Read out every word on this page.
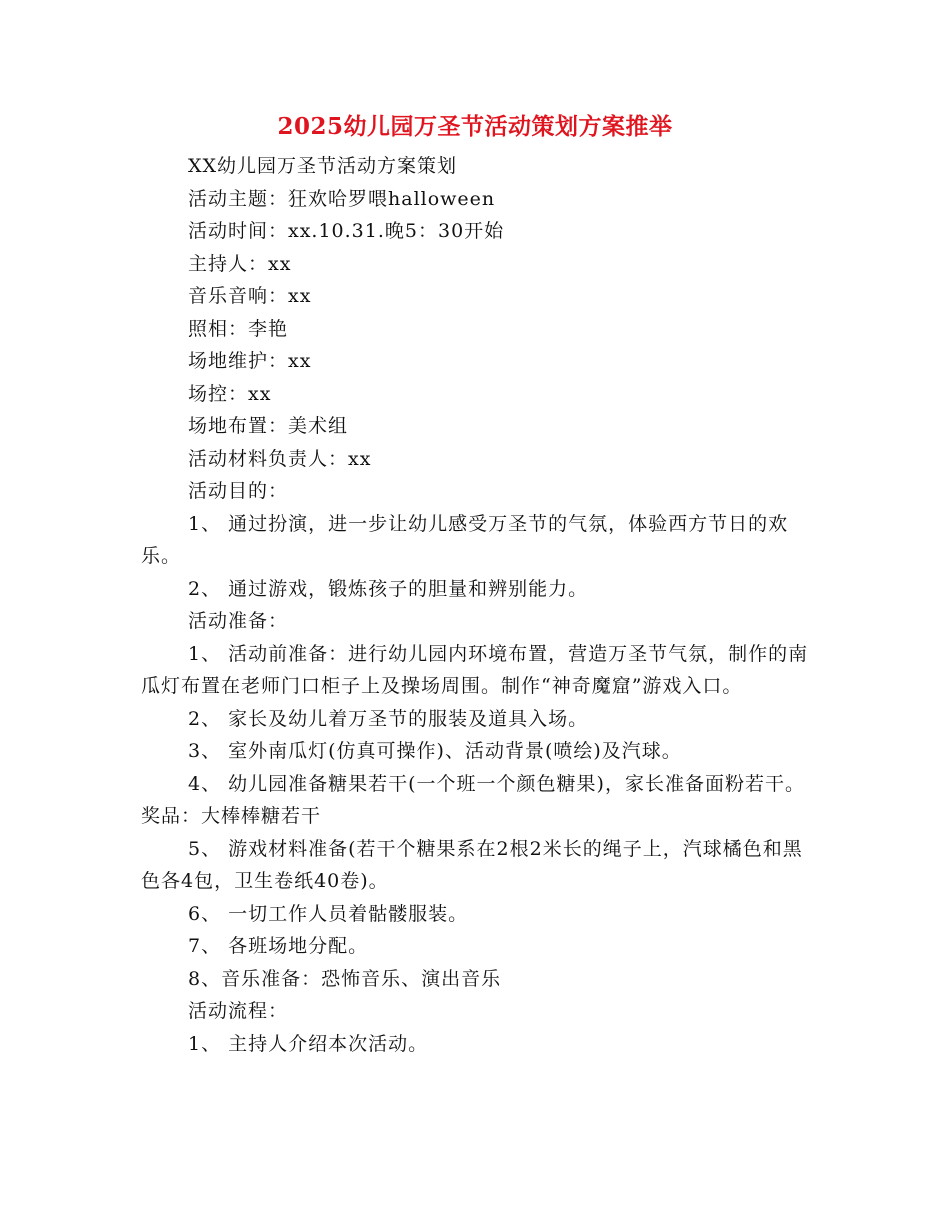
2025幼儿园万圣节活动策划方案推举

XX幼儿园万圣节活动方案策划

活动主题：狂欢哈罗喂halloween

活动时间：xx.10.31.晚5：30开始

主持人：xx

音乐音响：xx

照相：李艳

场地维护：xx

场控：xx

场地布置：美术组

活动材料负责人：xx

活动目的：

1、 通过扮演，进一步让幼儿感受万圣节的气氛，体验西方节日的欢乐。

2、 通过游戏，锻炼孩子的胆量和辨别能力。

活动准备：

1、 活动前准备：进行幼儿园内环境布置，营造万圣节气氛，制作的南瓜灯布置在老师门口柜子上及操场周围。制作“神奇魔窟”游戏入口。

2、 家长及幼儿着万圣节的服装及道具入场。

3、 室外南瓜灯(仿真可操作)、活动背景(喷绘)及汽球。

4、 幼儿园准备糖果若干(一个班一个颜色糖果)，家长准备面粉若干。奖品：大棒棒糖若干

5、 游戏材料准备(若干个糖果系在2根2米长的绳子上，汽球橘色和黑色各4包，卫生卷纸40卷)。

6、 一切工作人员着骷髅服装。

7、 各班场地分配。

8、音乐准备：恐怖音乐、演出音乐

活动流程：

1、 主持人介绍本次活动。
